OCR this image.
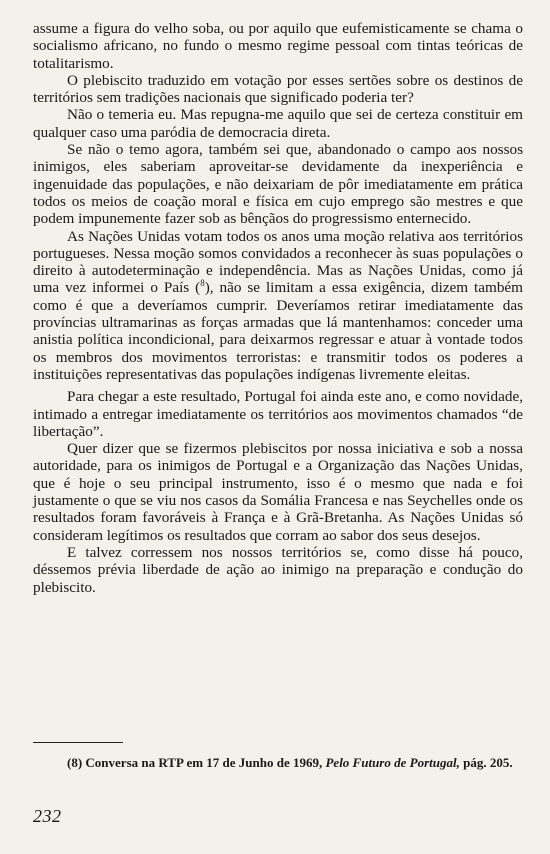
assume a figura do velho soba, ou por aquilo que eufemisticamente se chama o socialismo africano, no fundo o mesmo regime pessoal com tintas teóricas de totalitarismo.

O plebiscito traduzido em votação por esses sertões sobre os destinos de territórios sem tradições nacionais que significado poderia ter?

Não o temeria eu. Mas repugna-me aquilo que sei de certeza constituir em qualquer caso uma paródia de democracia direta.

Se não o temo agora, também sei que, abandonado o campo aos nossos inimigos, eles saberiam aproveitar-se devidamente da inexperiência e ingenuidade das populações, e não deixariam de pôr imediatamente em prática todos os meios de coação moral e física em cujo emprego são mestres e que podem impunemente fazer sob as bênçãos do progressismo enternecido.

As Nações Unidas votam todos os anos uma moção relativa aos territórios portugueses. Nessa moção somos convidados a reconhecer às suas populações o direito à autodeterminação e independência. Mas as Nações Unidas, como já uma vez informei o País ($^8$), não se limitam a essa exigência, dizem também como é que a deveríamos cumprir. Deveríamos retirar imediatamente das províncias ultramarinas as forças armadas que lá mantenhamos: conceder uma anistia política incondicional, para deixarmos regressar e atuar à vontade todos os membros dos movimentos terroristas: e transmitir todos os poderes a instituições representativas das populações indígenas livremente eleitas.

Para chegar a este resultado, Portugal foi ainda este ano, e como novidade, intimado a entregar imediatamente os territórios aos movimentos chamados “de libertação”.

Quer dizer que se fizermos plebiscitos por nossa iniciativa e sob a nossa autoridade, para os inimigos de Portugal e a Organização das Nações Unidas, que é hoje o seu principal instrumento, isso é o mesmo que nada e foi justamente o que se viu nos casos da Somália Francesa e nas Seychelles onde os resultados foram favoráveis à França e à Grã-Bretanha. As Nações Unidas só consideram legítimos os resultados que corram ao sabor dos seus desejos.

E talvez corressem nos nossos territórios se, como disse há pouco, déssemos prévia liberdade de ação ao inimigo na preparação e condução do plebiscito.

(8) Conversa na RTP em 17 de Junho de 1969, Pelo Futuro de Portugal, pág. 205.

232
